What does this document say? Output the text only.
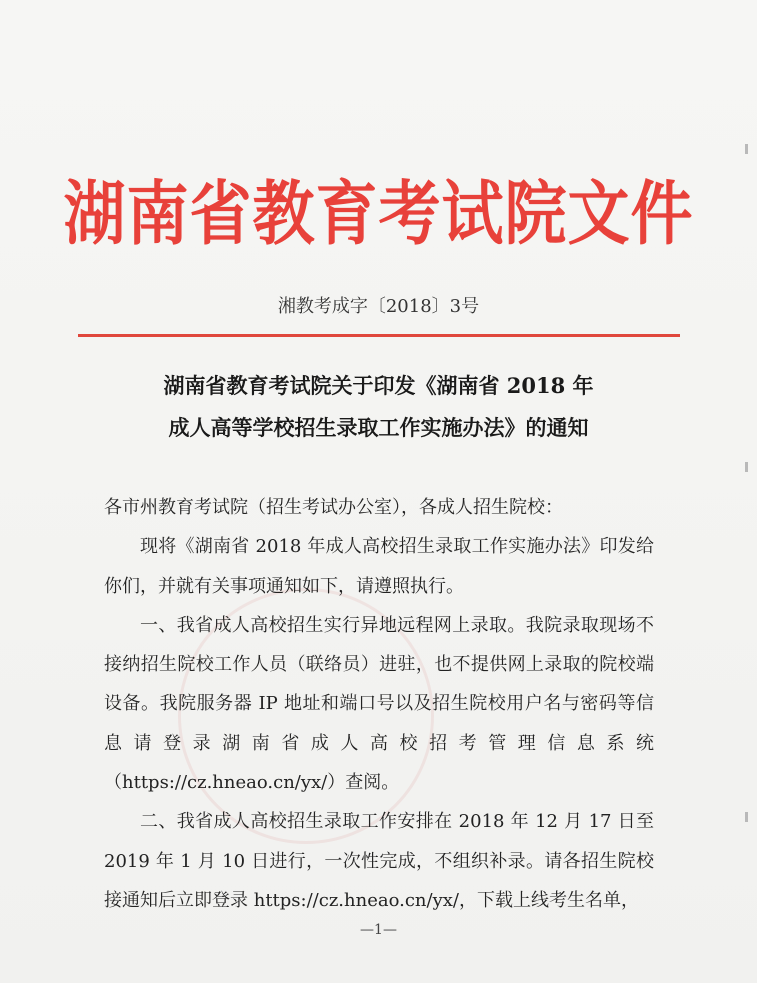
湖南省教育考试院文件
湘教考成字〔2018〕3号
湖南省教育考试院关于印发《湖南省 2018 年
成人高等学校招生录取工作实施办法》的通知

各市州教育考试院（招生考试办公室），各成人招生院校：

现将《湖南省 2018 年成人高校招生录取工作实施办法》印发给你们，并就有关事项通知如下，请遵照执行。

一、我省成人高校招生实行异地远程网上录取。我院录取现场不接纳招生院校工作人员（联络员）进驻，也不提供网上录取的院校端设备。我院服务器 IP 地址和端口号以及招生院校用户名与密码等信息请登录湖南省成人高校招考管理信息系统（https://cz.hneao.cn/yx/）查阅。

二、我省成人高校招生录取工作安排在 2018 年 12 月 17 日至 2019 年 1 月 10 日进行，一次性完成，不组织补录。请各招生院校接通知后立即登录 https://cz.hneao.cn/yx/，下载上线考生名单，

—1—
